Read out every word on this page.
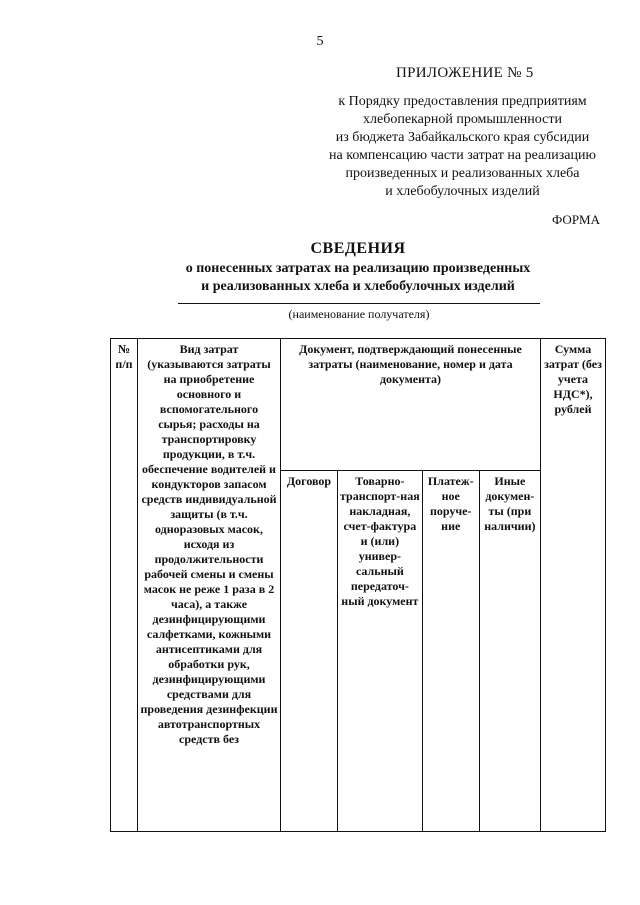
5
ПРИЛОЖЕНИЕ № 5
к Порядку предоставления предприятиям
хлебопекарной промышленности
из бюджета Забайкальского края субсидии
на компенсацию части затрат на реализацию
произведенных и реализованных хлеба
и хлебобулочных изделий
ФОРМА
СВЕДЕНИЯ
о понесенных затратах на реализацию произведенных
и реализованных хлеба и хлебобулочных изделий
(наименование получателя)
№ п/п	Вид затрат (указываются затраты на приобретение основного и вспомогательного сырья; расходы на транспортировку продукции, в т.ч. обеспечение водителей и кондукторов запасом средств индивидуальной защиты (в т.ч. одноразовых масок, исходя из продолжительности рабочей смены и смены масок не реже 1 раза в 2 часа), а также дезинфицирующими салфетками, кожными антисептиками для обработки рук, дезинфицирующими средствами для проведения дезинфекции автотранспортных средств без	Документ, подтверждающий понесенные затраты (наименование, номер и дата документа)				Сумма затрат (без учета НДС*), рублей
		Договор	Товарно-транспорт-ная накладная, счет-фактура и (или) универ-сальный передаточ-ный документ	Платеж-ное поруче-ние	Иные докумен-ты (при наличии)	
